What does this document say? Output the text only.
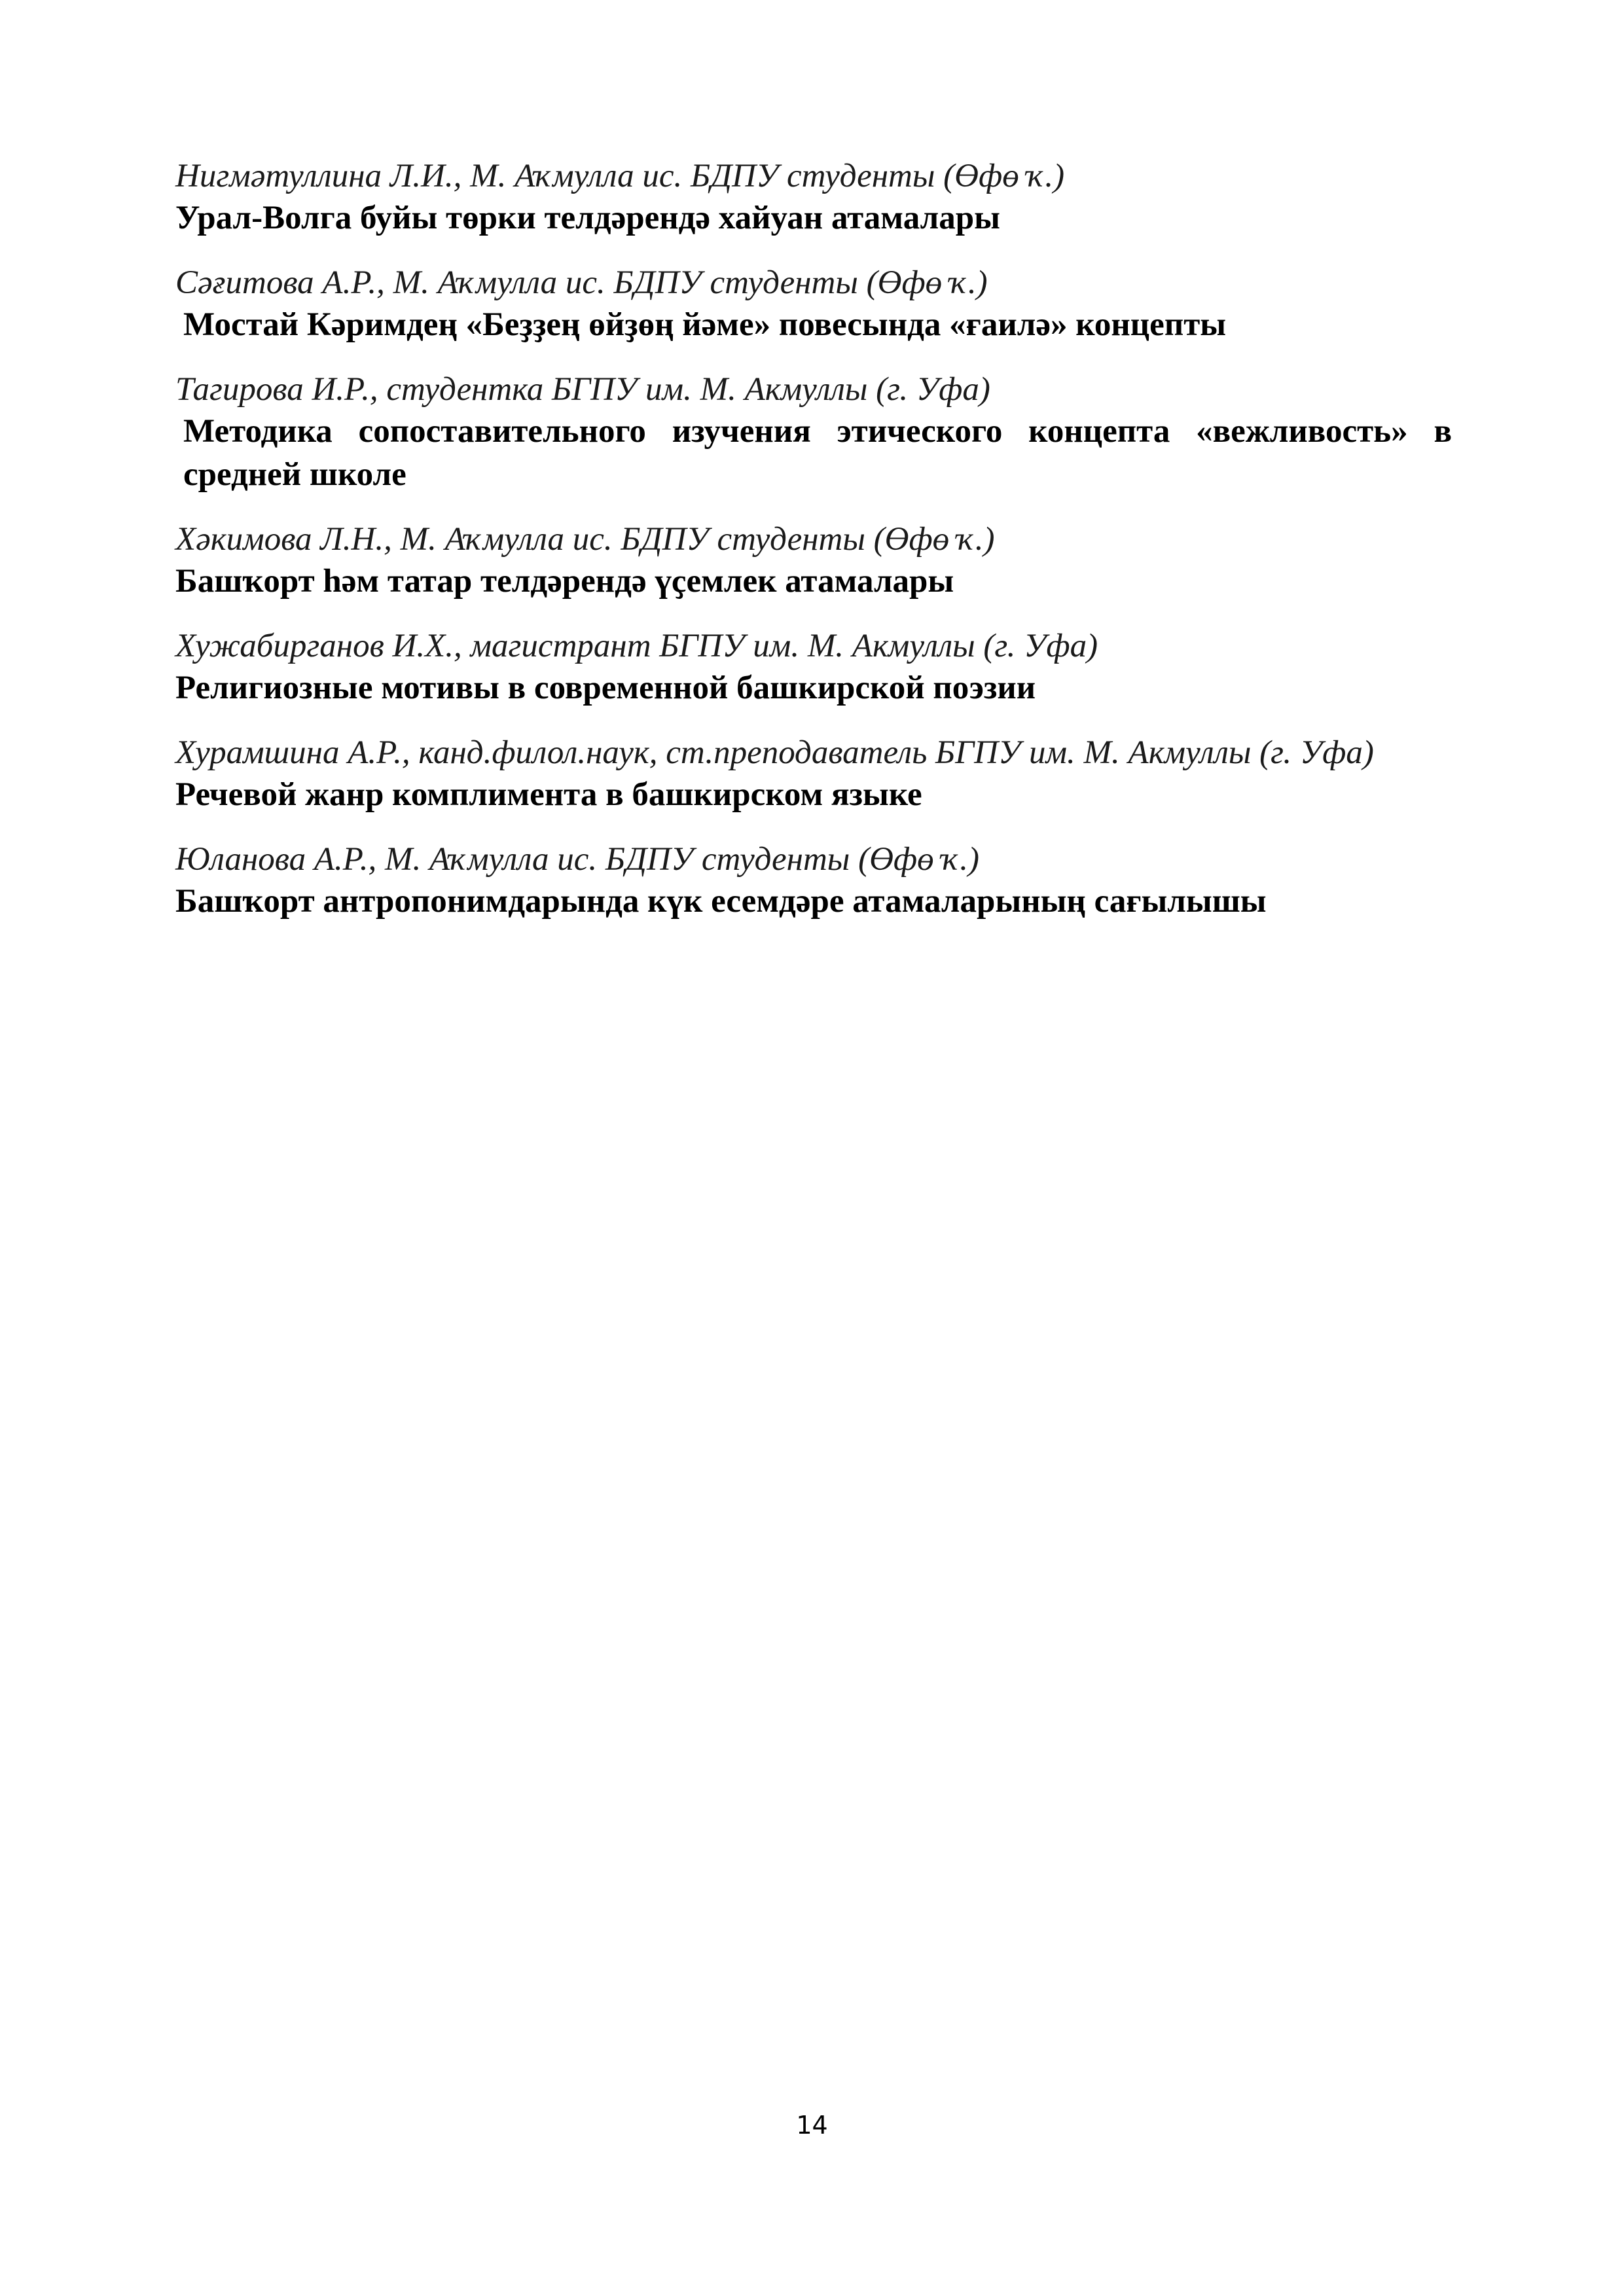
Нигмәтуллина Л.И., М. Аҡмулла ис. БДПУ студенты (Өфө ҡ.)

Урал-Волга буйы төрки телдәрендә хайуан атамалары

Сәғитова А.Р., М. Аҡмулла ис. БДПУ студенты (Өфө ҡ.)

Мостай Кәримдең «Беҙҙең өйҙөң йәме» повесында «ғаилә» концепты

Тагирова И.Р., студентка БГПУ им. М. Акмуллы (г. Уфа)

Методика сопоставительного изучения этического концепта «вежливость» в средней школе

Хәкимова Л.Н., М. Аҡмулла ис. БДПУ студенты (Өфө ҡ.)

Башҡорт һәм татар телдәрендә үҫемлек атамалары

Хужабирганов И.Х., магистрант БГПУ им. М. Акмуллы (г. Уфа)

Религиозные мотивы в современной башкирской поэзии

Хурамшина А.Р., канд.филол.наук, ст.преподаватель БГПУ им. М. Акмуллы (г. Уфа)

Речевой жанр комплимента в башкирском языке

Юланова А.Р., М. Аҡмулла ис. БДПУ студенты (Өфө ҡ.)

Башҡорт антропонимдарында күк есемдәре атамаларының сағылышы

14
